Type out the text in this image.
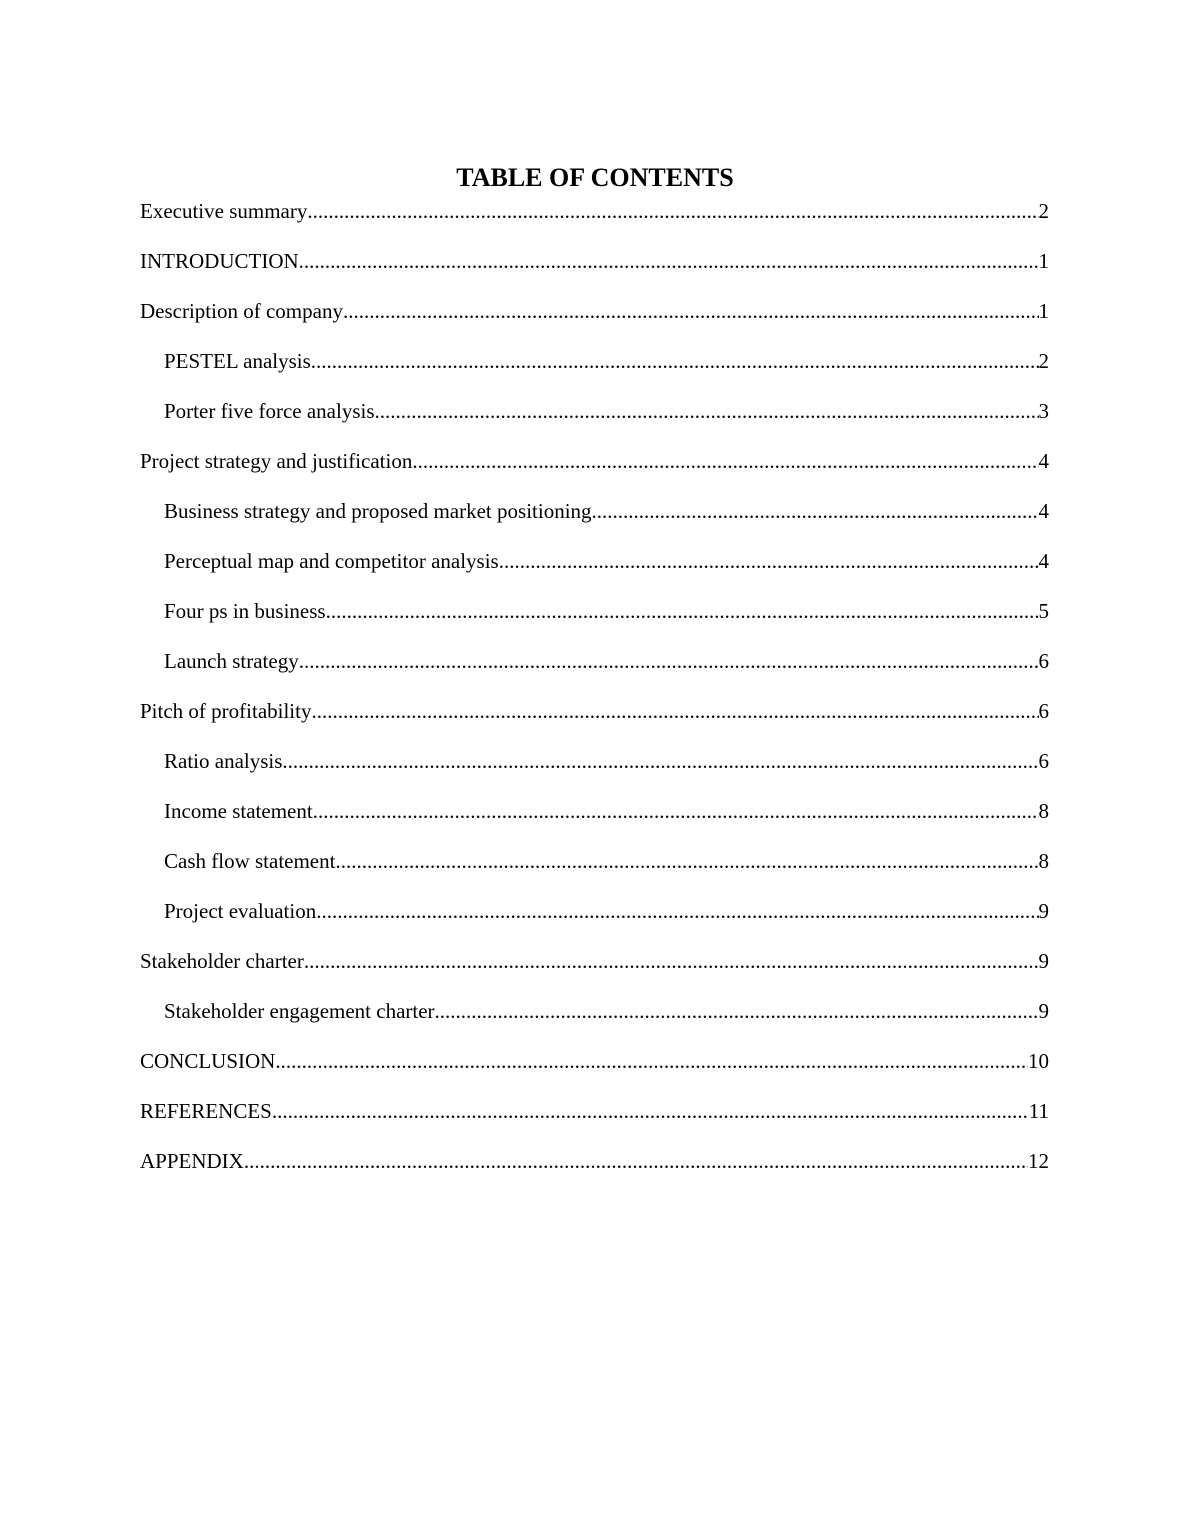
TABLE OF CONTENTS
Executive summary .....	2
INTRODUCTION .....	1
Description of company .....	1
PESTEL analysis .....	2
Porter five force analysis .....	3
Project strategy and justification .....	4
Business strategy and proposed market positioning .....	4
Perceptual map and competitor analysis .....	4
Four ps in business .....	5
Launch strategy .....	6
Pitch of profitability .....	6
Ratio analysis .....	6
Income statement .....	8
Cash flow statement .....	8
Project evaluation .....	9
Stakeholder charter .....	9
Stakeholder engagement charter .....	9
CONCLUSION .....	10
REFERENCES .....	11
APPENDIX .....	12
